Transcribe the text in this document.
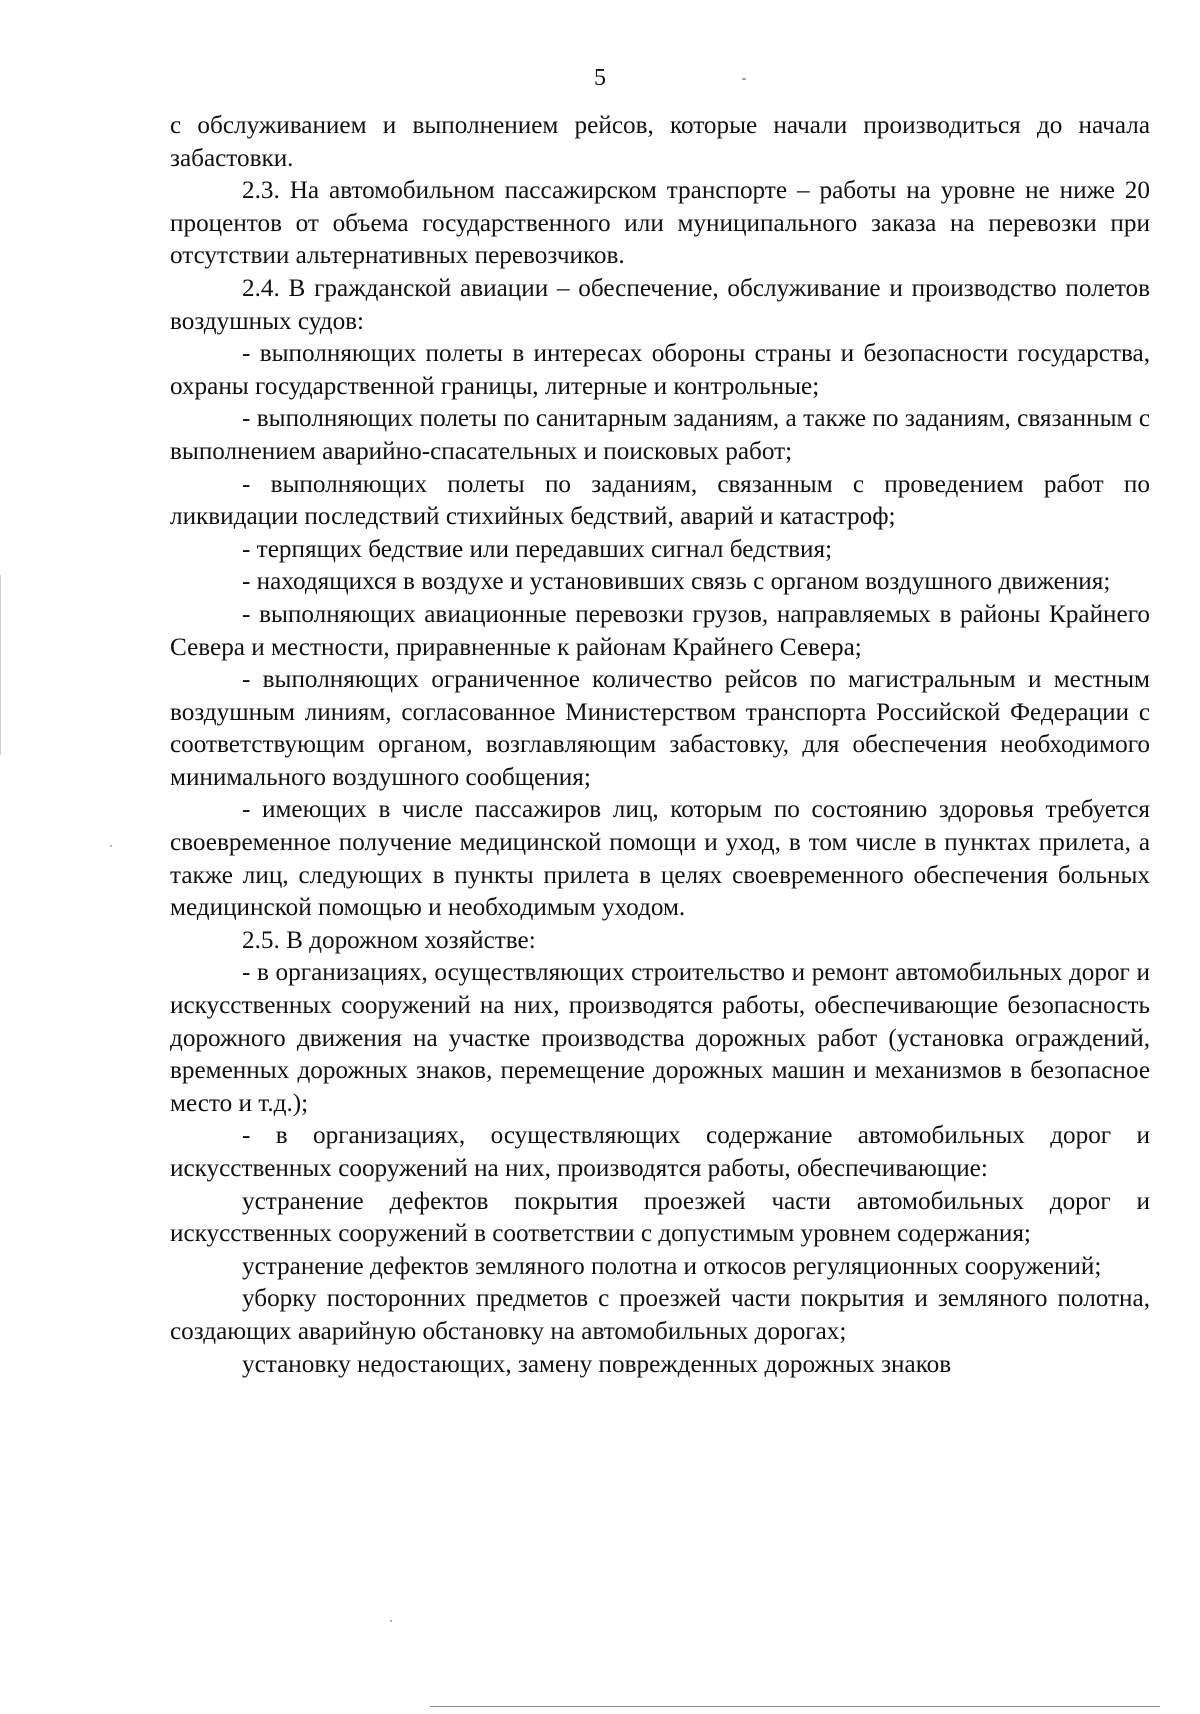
5

с обслуживанием и выполнением рейсов, которые начали производиться до начала забастовки.

2.3. На автомобильном пассажирском транспорте – работы на уровне не ниже 20 процентов от объема государственного или муниципального заказа на перевозки при отсутствии альтернативных перевозчиков.

2.4. В гражданской авиации – обеспечение, обслуживание и производство полетов воздушных судов:

- выполняющих полеты в интересах обороны страны и безопасности государства, охраны государственной границы, литерные и контрольные;

- выполняющих полеты по санитарным заданиям, а также по заданиям, связанным с выполнением аварийно-спасательных и поисковых работ;

- выполняющих полеты по заданиям, связанным с проведением работ по ликвидации последствий стихийных бедствий, аварий и катастроф;

- терпящих бедствие или передавших сигнал бедствия;

- находящихся в воздухе и установивших связь с органом воздушного движения;

- выполняющих авиационные перевозки грузов, направляемых в районы Крайнего Севера и местности, приравненные к районам Крайнего Севера;

- выполняющих ограниченное количество рейсов по магистральным и местным воздушным линиям, согласованное Министерством транспорта Российской Федерации с соответствующим органом, возглавляющим забастовку, для обеспечения необходимого минимального воздушного сообщения;

- имеющих в числе пассажиров лиц, которым по состоянию здоровья требуется своевременное получение медицинской помощи и уход, в том числе в пунктах прилета, а также лиц, следующих в пункты прилета в целях своевременного обеспечения больных медицинской помощью и необходимым уходом.

2.5. В дорожном хозяйстве:

- в организациях, осуществляющих строительство и ремонт автомобильных дорог и искусственных сооружений на них, производятся работы, обеспечивающие безопасность дорожного движения на участке производства дорожных работ (установка ограждений, временных дорожных знаков, перемещение дорожных машин и механизмов в безопасное место и т.д.);

- в организациях, осуществляющих содержание автомобильных дорог и искусственных сооружений на них, производятся работы, обеспечивающие:

устранение дефектов покрытия проезжей части автомобильных дорог и искусственных сооружений в соответствии с допустимым уровнем содержания;

устранение дефектов земляного полотна и откосов регуляционных сооружений;

уборку посторонних предметов с проезжей части покрытия и земляного полотна, создающих аварийную обстановку на автомобильных дорогах;

установку недостающих, замену поврежденных дорожных знаков
